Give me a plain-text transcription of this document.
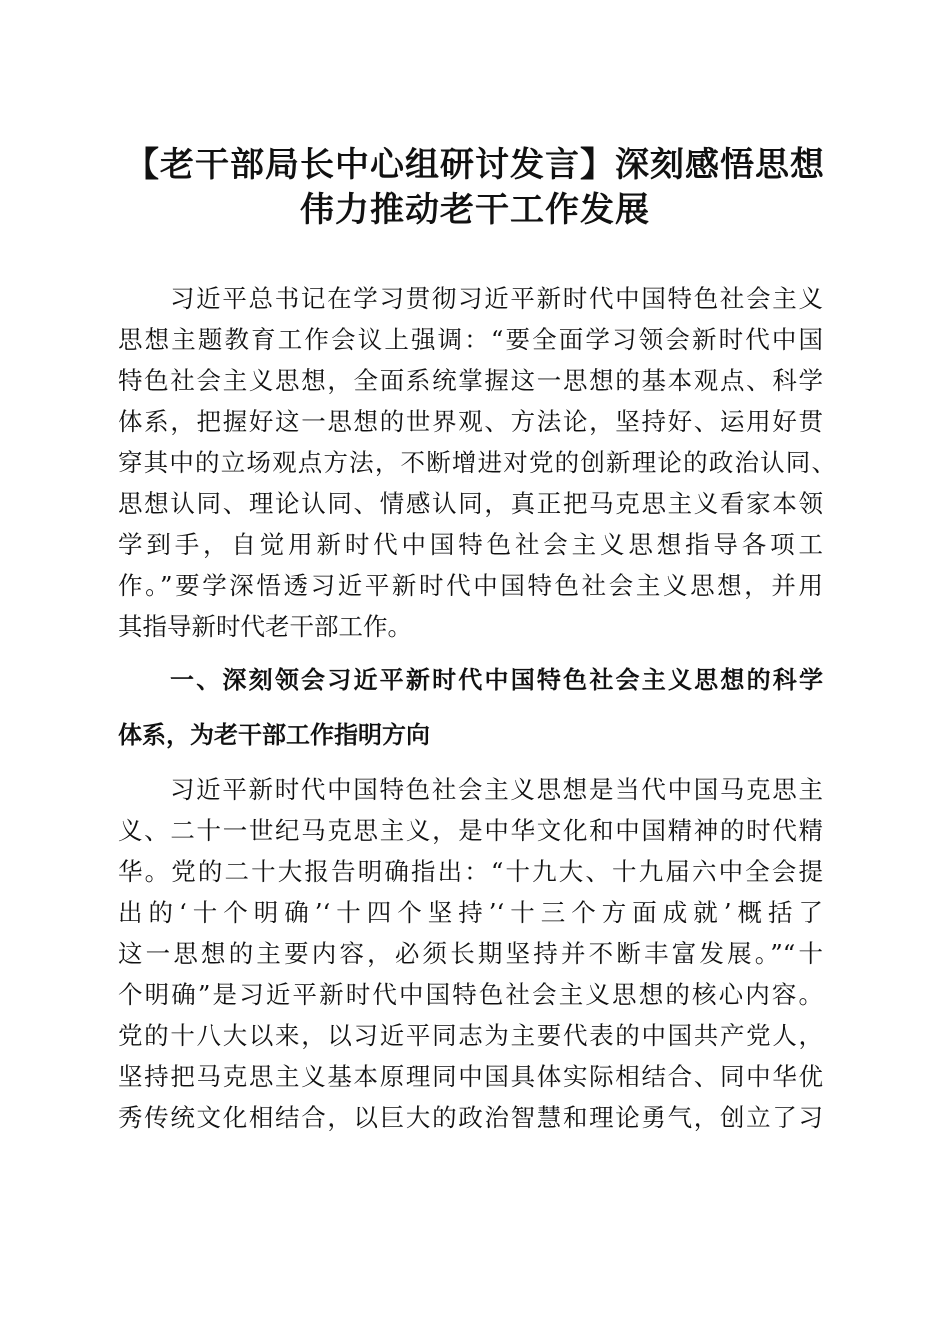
【老干部局长中心组研讨发言】深刻感悟思想
伟力推动老干工作发展
习近平总书记在学习贯彻习近平新时代中国特色社会主义
思想主题教育工作会议上强调：“要全面学习领会新时代中国
特色社会主义思想，全面系统掌握这一思想的基本观点、科学
体系，把握好这一思想的世界观、方法论，坚持好、运用好贯
穿其中的立场观点方法，不断增进对党的创新理论的政治认同、
思想认同、理论认同、情感认同，真正把马克思主义看家本领
学到手，自觉用新时代中国特色社会主义思想指导各项工
作。”要学深悟透习近平新时代中国特色社会主义思想，并用
其指导新时代老干部工作。
一、深刻领会习近平新时代中国特色社会主义思想的科学
体系，为老干部工作指明方向
习近平新时代中国特色社会主义思想是当代中国马克思主
义、二十一世纪马克思主义，是中华文化和中国精神的时代精
华。党的二十大报告明确指出：“十九大、十九届六中全会提
出的‘十个明确’‘十四个坚持’‘十三个方面成就’概括了
这一思想的主要内容，必须长期坚持并不断丰富发展。”“十
个明确”是习近平新时代中国特色社会主义思想的核心内容。
党的十八大以来，以习近平同志为主要代表的中国共产党人，
坚持把马克思主义基本原理同中国具体实际相结合、同中华优
秀传统文化相结合，以巨大的政治智慧和理论勇气，创立了习
